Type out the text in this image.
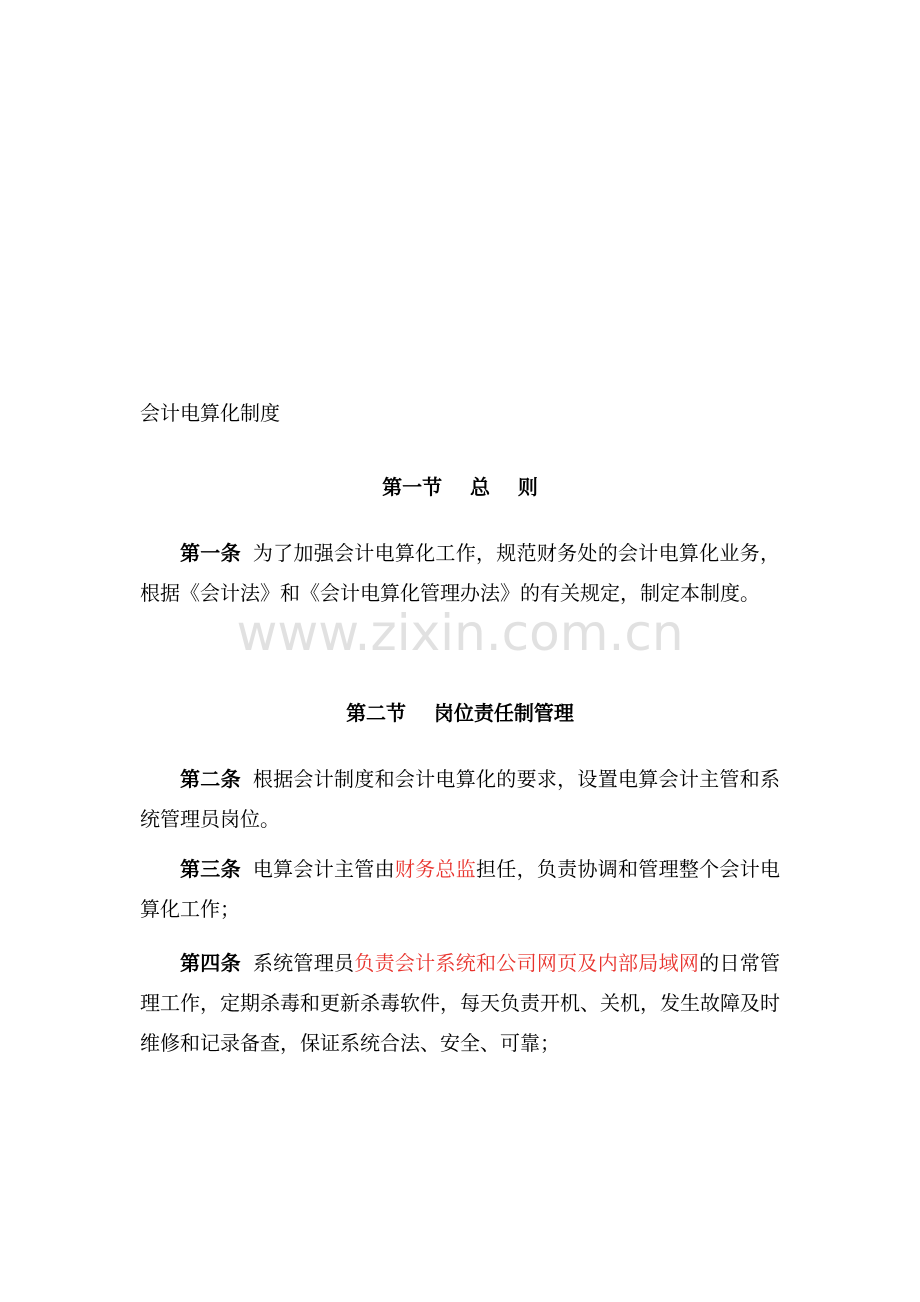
会计电算化制度
第一节    总    则

第一条 为了加强会计电算化工作，规范财务处的会计电算化业务，根据《会计法》和《会计电算化管理办法》的有关规定，制定本制度。

www.zixin.com.cn
第二节    岗位责任制管理

第二条 根据会计制度和会计电算化的要求，设置电算会计主管和系统管理员岗位。

第三条 电算会计主管由财务总监担任，负责协调和管理整个会计电算化工作；

第四条 系统管理员负责会计系统和公司网页及内部局域网的日常管理工作，定期杀毒和更新杀毒软件，每天负责开机、关机，发生故障及时维修和记录备查，保证系统合法、安全、可靠；
